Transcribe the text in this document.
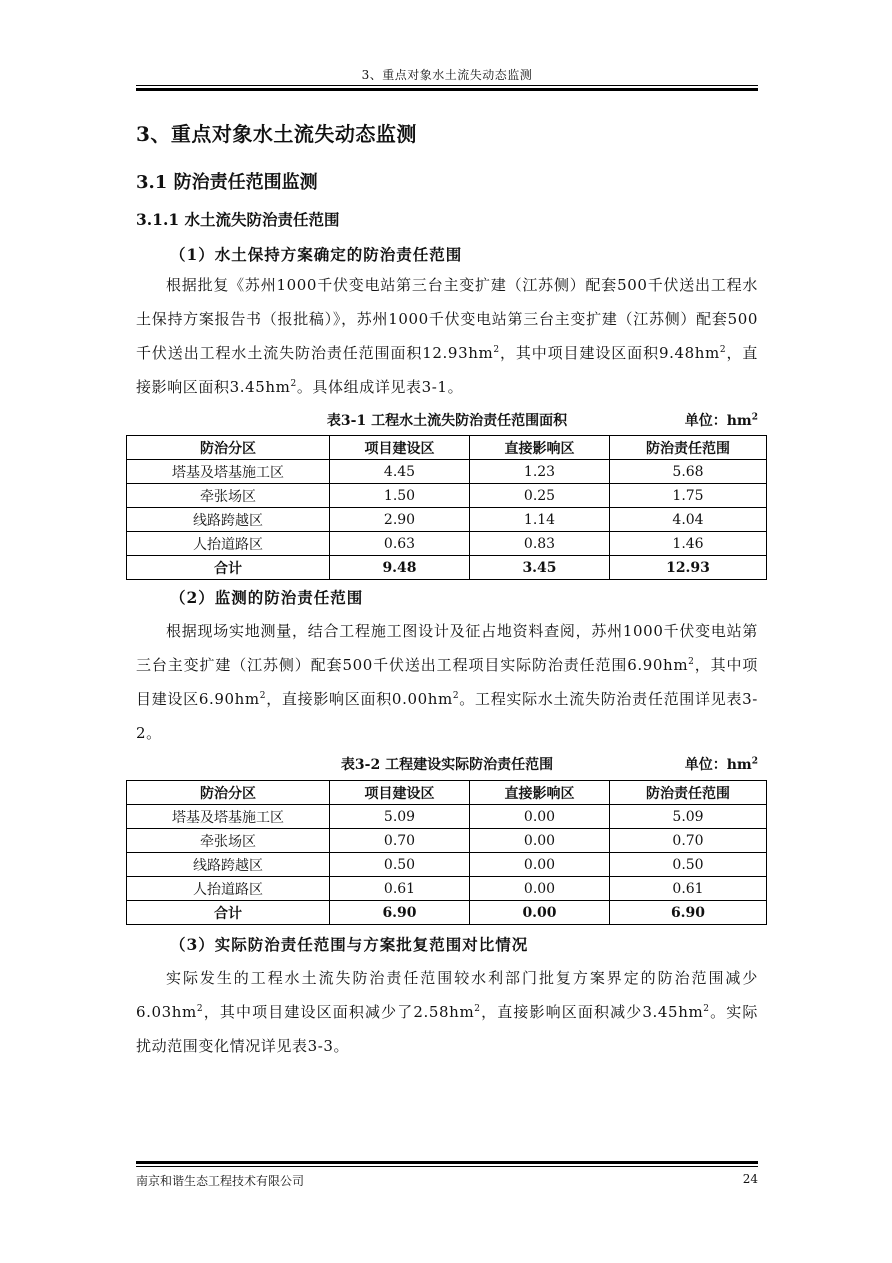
3、重点对象水土流失动态监测
3、重点对象水土流失动态监测
3.1 防治责任范围监测
3.1.1 水土流失防治责任范围
（1）水土保持方案确定的防治责任范围

根据批复《苏州1000千伏变电站第三台主变扩建（江苏侧）配套500千伏送出工程水土保持方案报告书（报批稿）》，苏州1000千伏变电站第三台主变扩建（江苏侧）配套500千伏送出工程水土流失防治责任范围面积$12.93hm^2$，其中项目建设区面积$9.48hm^2$，直接影响区面积$3.45hm^2$。具体组成详见表3-1。

表3-1 工程水土流失防治责任范围面积	单位：$hm^2$
防治分区	项目建设区	直接影响区	防治责任范围
塔基及塔基施工区	4.45	1.23	5.68
牵张场区	1.50	0.25	1.75
线路跨越区	2.90	1.14	4.04
人抬道路区	0.63	0.83	1.46
合计	9.48	3.45	12.93
（2）监测的防治责任范围

根据现场实地测量，结合工程施工图设计及征占地资料查阅，苏州1000千伏变电站第三台主变扩建（江苏侧）配套500千伏送出工程项目实际防治责任范围$6.90hm^2$，其中项目建设区$6.90hm^2$，直接影响区面积$0.00hm^2$。工程实际水土流失防治责任范围详见表3-2。

表3-2 工程建设实际防治责任范围	单位：$hm^2$
防治分区	项目建设区	直接影响区	防治责任范围
塔基及塔基施工区	5.09	0.00	5.09
牵张场区	0.70	0.00	0.70
线路跨越区	0.50	0.00	0.50
人抬道路区	0.61	0.00	0.61
合计	6.90	0.00	6.90
（3）实际防治责任范围与方案批复范围对比情况

实际发生的工程水土流失防治责任范围较水利部门批复方案界定的防治范围减少$6.03hm^2$，其中项目建设区面积减少了$2.58hm^2$，直接影响区面积减少$3.45hm^2$。实际扰动范围变化情况详见表3-3。

南京和谐生态工程技术有限公司	24
